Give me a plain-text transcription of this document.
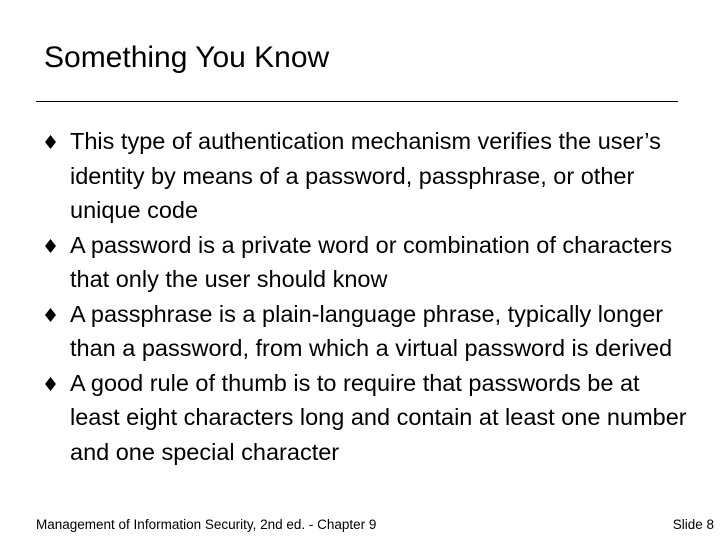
Something You Know
This type of authentication mechanism verifies the user’s identity by means of a password, passphrase, or other unique code
A password is a private word or combination of characters that only the user should know
A passphrase is a plain-language phrase, typically longer than a password, from which a virtual password is derived
A good rule of thumb is to require that passwords be at least eight characters long and contain at least one number and one special character
Management of Information Security, 2nd ed. - Chapter 9	Slide 8
